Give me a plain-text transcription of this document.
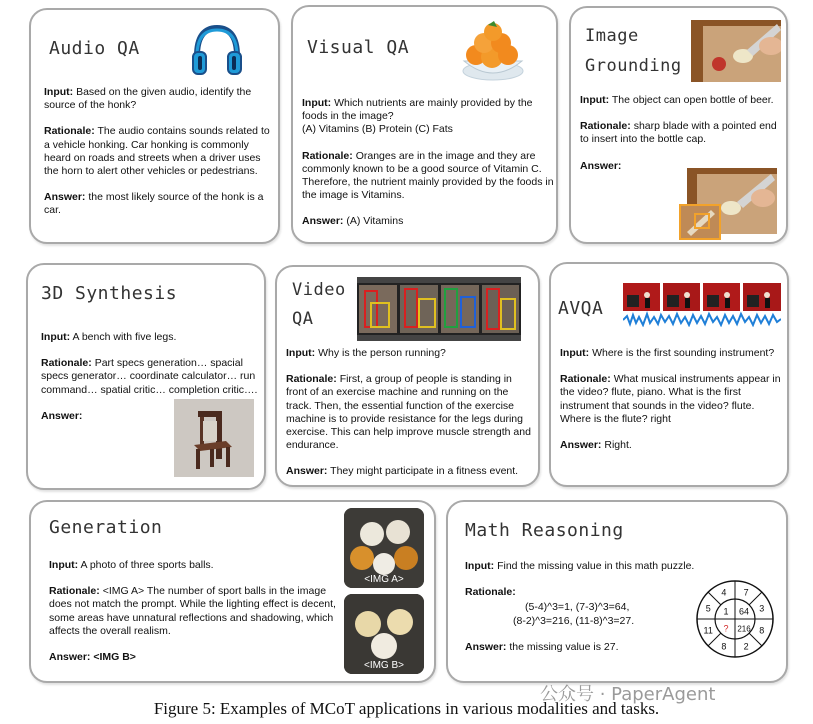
Audio QA

Input: Based on the given audio, identify the source of the honk?

Rationale: The audio contains sounds related to a vehicle honking. Car honking is commonly heard on roads and streets when a driver uses the horn to alert other vehicles or pedestrians.

Answer: the most likely source of the honk is a car.

Visual QA

Input: Which nutrients are mainly provided by the foods in the image?

(A) Vitamins (B) Protein (C) Fats

Rationale: Oranges are in the image and they are commonly known to be a good source of Vitamin C. Therefore, the nutrient mainly provided by the foods in the image is Vitamins.

Answer: (A) Vitamins

Image
Grounding

Input: The object can open bottle of beer.

Rationale: sharp blade with a pointed end to insert into the bottle cap.

Answer:

3D Synthesis

Input: A bench with five legs.

Rationale: Part specs generation… spacial specs generator… coordinate calculator… run command… spatial critic… completion critic….

Answer:

Video
QA

Input: Why is the person running?

Rationale: First, a group of people is standing in front of an exercise machine and running on the track. Then, the essential function of the exercise machine is to provide resistance for the legs during exercise. This can help improve muscle strength and endurance.

Answer: They might participate in a fitness event.

AVQA

Input: Where is the first sounding instrument?

Rationale: What musical instruments appear in the video? flute, piano. What is the first instrument that sounds in the video? flute. Where is the flute? right

Answer: Right.

Generation

Input: A photo of three sports balls.

Rationale: <IMG A> The number of sport balls in the image does not match the prompt. While the lighting effect is decent, some areas have unnatural reflections and shadowing, which affects the overall realism.

Answer: <IMG B>

<IMG A>
<IMG B>
Math Reasoning

Input: Find the missing value in this math puzzle.

Rationale:

(5-4)^3=1, (7-3)^3=64,

(8-2)^3=216, (11-8)^3=27.

Answer: the missing value is 27.

4 7
3
8
2
8
11
5 1 64
216
?
公众号 · PaperAgent
Figure 5: Examples of MCoT applications in various modalities and tasks.
